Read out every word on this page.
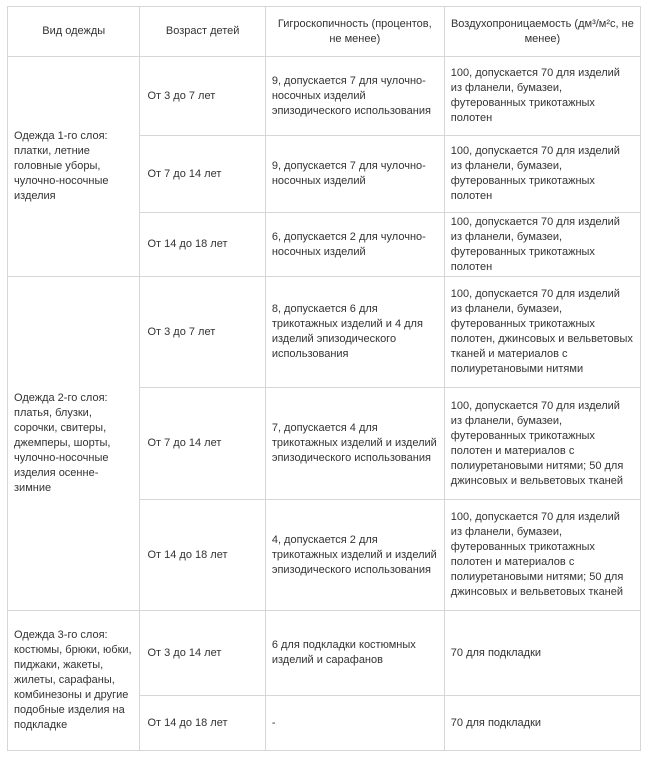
Вид одежды	Возраст детей	Гигроскопичность (процентов, не менее)	Воздухопроницаемость (дм³/м²с, не менее)
Одежда 1-го слоя: платки, летние головные уборы, чулочно-носочные изделия	От 3 до 7 лет	9, допускается 7 для чулочно-носочных изделий эпизодического использования	100, допускается 70 для изделий из фланели, бумазеи, футерованных трикотажных полотен
	От 7 до 14 лет	9, допускается 7 для чулочно-носочных изделий	100, допускается 70 для изделий из фланели, бумазеи, футерованных трикотажных полотен
	От 14 до 18 лет	6, допускается 2 для чулочно-носочных изделий	100, допускается 70 для изделий из фланели, бумазеи, футерованных трикотажных полотен
Одежда 2-го слоя: платья, блузки, сорочки, свитеры, джемперы, шорты, чулочно-носочные изделия осенне-зимние	От 3 до 7 лет	8, допускается 6 для трикотажных изделий и 4 для изделий эпизодического использования	100, допускается 70 для изделий из фланели, бумазеи, футерованных трикотажных полотен, джинсовых и вельветовых тканей и материалов с полиуретановыми нитями
	От 7 до 14 лет	7, допускается 4 для трикотажных изделий и изделий эпизодического использования	100, допускается 70 для изделий из фланели, бумазеи, футерованных трикотажных полотен и материалов с полиуретановыми нитями; 50 для джинсовых и вельветовых тканей
	От 14 до 18 лет	4, допускается 2 для трикотажных изделий и изделий эпизодического использования	100, допускается 70 для изделий из фланели, бумазеи, футерованных трикотажных полотен и материалов с полиуретановыми нитями; 50 для джинсовых и вельветовых тканей
Одежда 3-го слоя: костюмы, брюки, юбки, пиджаки, жакеты, жилеты, сарафаны, комбинезоны и другие подобные изделия на подкладке	От 3 до 14 лет	6 для подкладки костюмных изделий и сарафанов	70 для подкладки
	От 14 до 18 лет	-	70 для подкладки
